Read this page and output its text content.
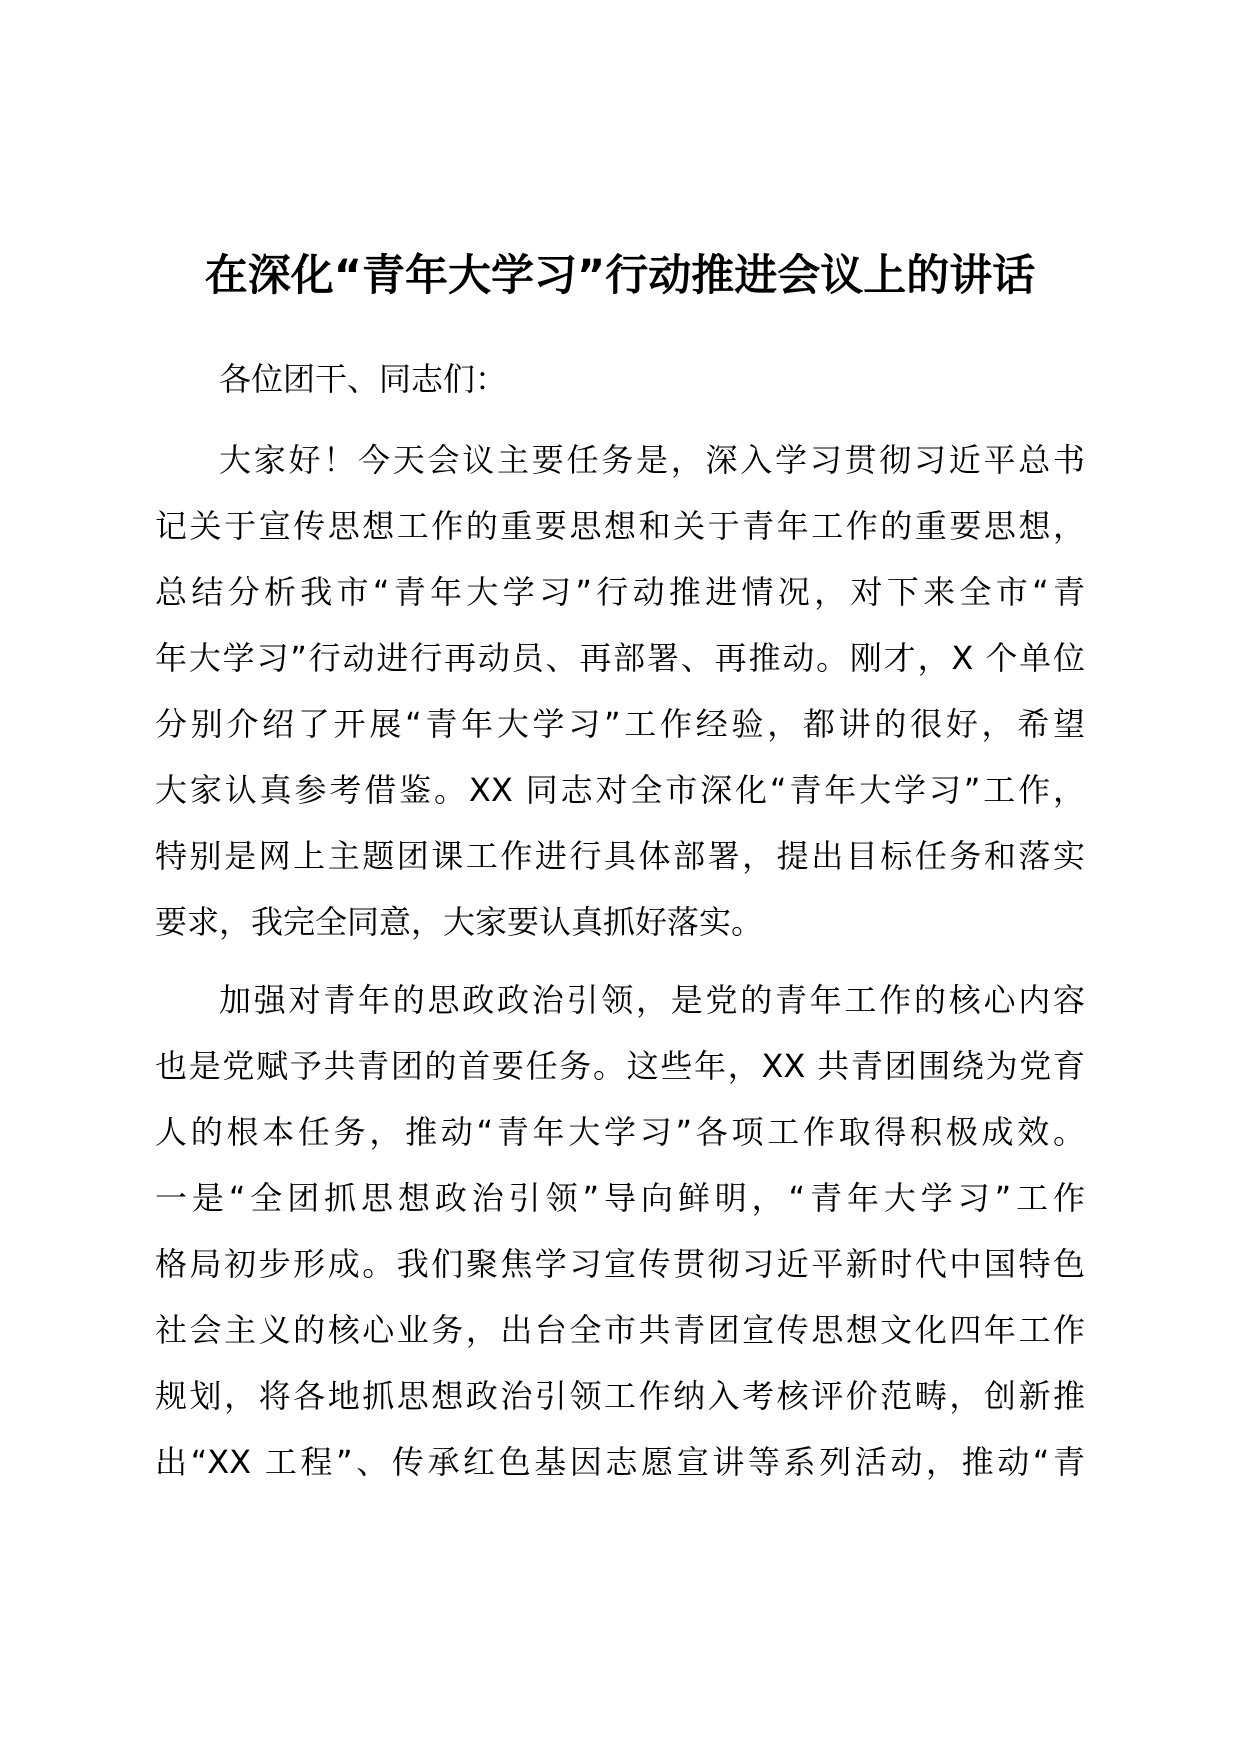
在深化“青年大学习”行动推进会议上的讲话
各位团干、同志们：
大家好！今天会议主要任务是，深入学习贯彻习近平总书
记关于宣传思想工作的重要思想和关于青年工作的重要思想，
总结分析我市“青年大学习”行动推进情况，对下来全市“青
年大学习”行动进行再动员、再部署、再推动。刚才，X 个单位
分别介绍了开展“青年大学习”工作经验，都讲的很好，希望
大家认真参考借鉴。XX 同志对全市深化“青年大学习”工作，
特别是网上主题团课工作进行具体部署，提出目标任务和落实
要求，我完全同意，大家要认真抓好落实。
加强对青年的思政政治引领，是党的青年工作的核心内容
也是党赋予共青团的首要任务。这些年，XX 共青团围绕为党育
人的根本任务，推动“青年大学习”各项工作取得积极成效。
一是“全团抓思想政治引领”导向鲜明，“青年大学习”工作
格局初步形成。我们聚焦学习宣传贯彻习近平新时代中国特色
社会主义的核心业务，出台全市共青团宣传思想文化四年工作
规划，将各地抓思想政治引领工作纳入考核评价范畴，创新推
出“XX 工程”、传承红色基因志愿宣讲等系列活动，推动“青
